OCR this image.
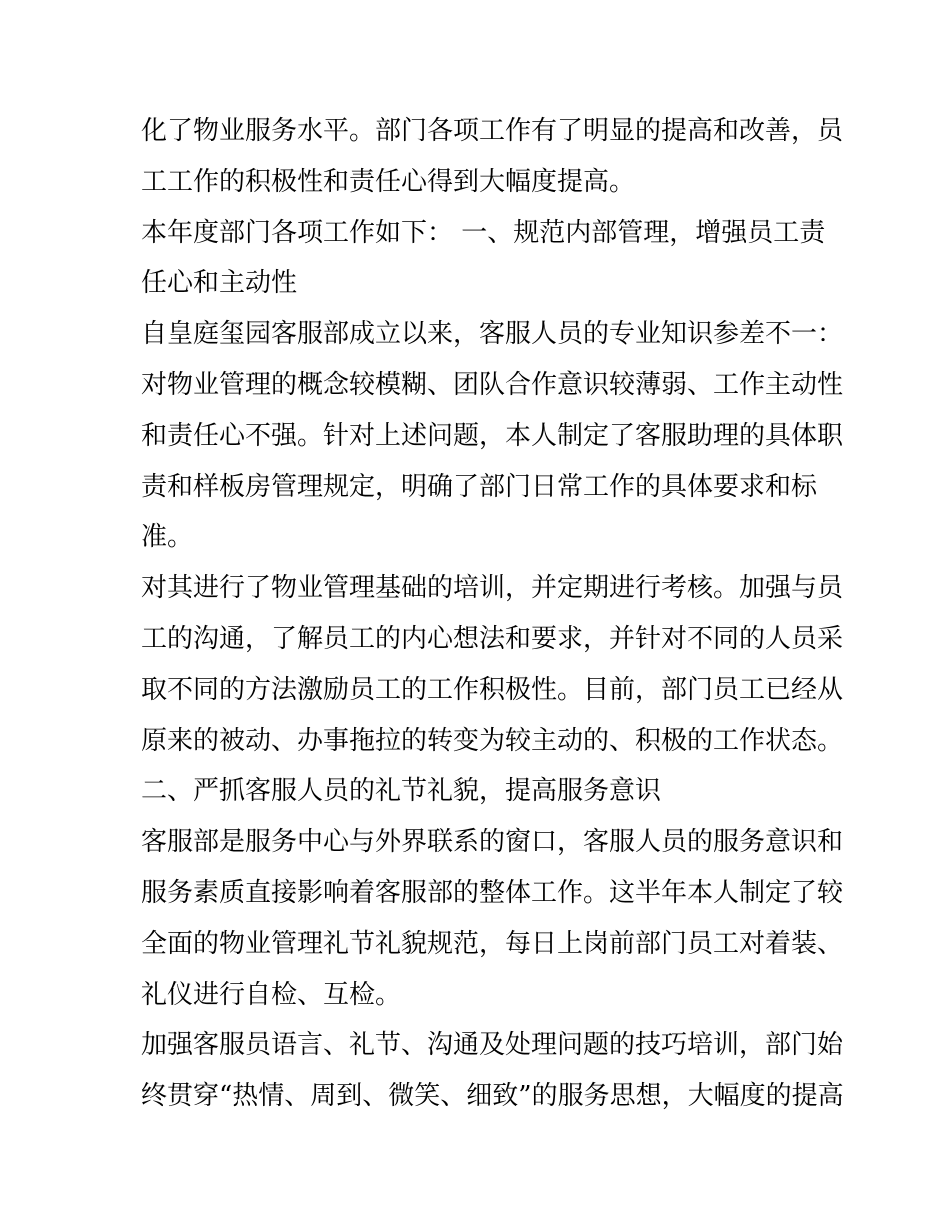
化了物业服务水平。部门各项工作有了明显的提高和改善，员
工工作的积极性和责任心得到大幅度提高。
本年度部门各项工作如下： 一、规范内部管理，增强员工责
任心和主动性
自皇庭玺园客服部成立以来，客服人员的专业知识参差不一：
对物业管理的概念较模糊、团队合作意识较薄弱、工作主动性
和责任心不强。针对上述问题，本人制定了客服助理的具体职
责和样板房管理规定，明确了部门日常工作的具体要求和标
准。
对其进行了物业管理基础的培训，并定期进行考核。加强与员
工的沟通，了解员工的内心想法和要求，并针对不同的人员采
取不同的方法激励员工的工作积极性。目前，部门员工已经从
原来的被动、办事拖拉的转变为较主动的、积极的工作状态。
二、严抓客服人员的礼节礼貌，提高服务意识
客服部是服务中心与外界联系的窗口，客服人员的服务意识和
服务素质直接影响着客服部的整体工作。这半年本人制定了较
全面的物业管理礼节礼貌规范，每日上岗前部门员工对着装、
礼仪进行自检、互检。
加强客服员语言、礼节、沟通及处理问题的技巧培训，部门始
终贯穿“热情、周到、微笑、细致”的服务思想，大幅度的提高
